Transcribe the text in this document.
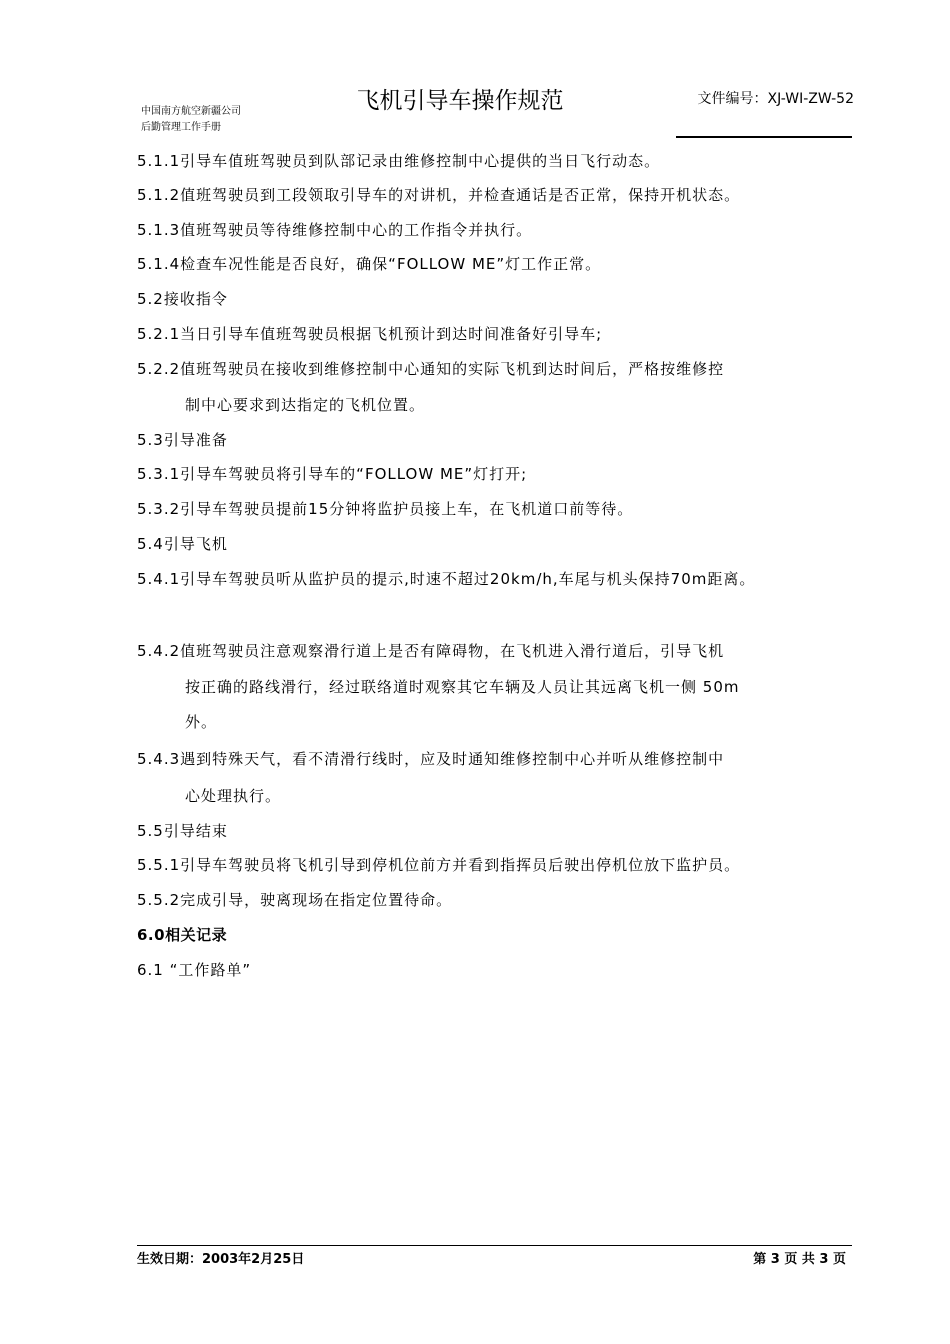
中国南方航空新疆公司
后勤管理工作手册
飞机引导车操作规范	文件编号：XJ-WI-ZW-52
5.1.1引导车值班驾驶员到队部记录由维修控制中心提供的当日飞行动态。
5.1.2值班驾驶员到工段领取引导车的对讲机，并检查通话是否正常，保持开机状态。
5.1.3值班驾驶员等待维修控制中心的工作指令并执行。
5.1.4检查车况性能是否良好，确保“FOLLOW ME”灯工作正常。
5.2接收指令
5.2.1当日引导车值班驾驶员根据飞机预计到达时间准备好引导车;
5.2.2值班驾驶员在接收到维修控制中心通知的实际飞机到达时间后，严格按维修控
制中心要求到达指定的飞机位置。
5.3引导准备
5.3.1引导车驾驶员将引导车的“FOLLOW ME”灯打开;
5.3.2引导车驾驶员提前15分钟将监护员接上车，在飞机道口前等待。
5.4引导飞机
5.4.1引导车驾驶员听从监护员的提示,时速不超过20km/h,车尾与机头保持70m距离。
5.4.2值班驾驶员注意观察滑行道上是否有障碍物，在飞机进入滑行道后，引导飞机
按正确的路线滑行，经过联络道时观察其它车辆及人员让其远离飞机一侧 50m
外。
5.4.3遇到特殊天气，看不清滑行线时，应及时通知维修控制中心并听从维修控制中
心处理执行。
5.5引导结束
5.5.1引导车驾驶员将飞机引导到停机位前方并看到指挥员后驶出停机位放下监护员。
5.5.2完成引导，驶离现场在指定位置待命。
6.0相关记录
6.1 “工作路单”
生效日期：2003年2月25日	第 3 页 共 3 页
